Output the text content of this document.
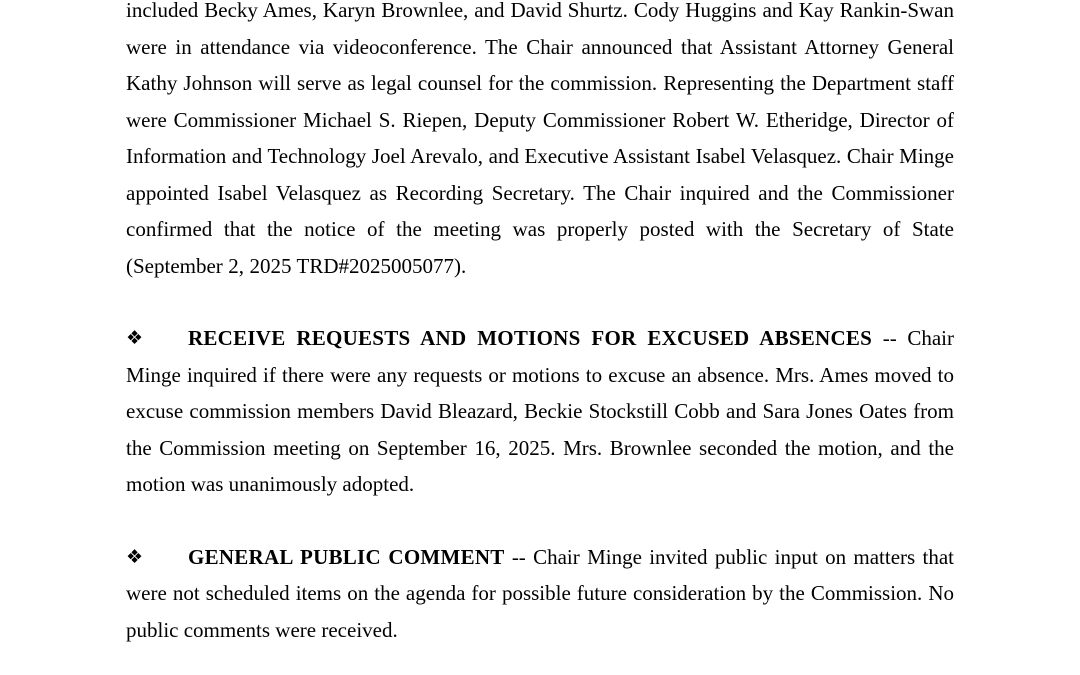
included Becky Ames, Karyn Brownlee, and David Shurtz. Cody Huggins and Kay Rankin-Swan were in attendance via videoconference. The Chair announced that Assistant Attorney General Kathy Johnson will serve as legal counsel for the commission. Representing the Department staff were Commissioner Michael S. Riepen, Deputy Commissioner Robert W. Etheridge, Director of Information and Technology Joel Arevalo, and Executive Assistant Isabel Velasquez. Chair Minge appointed Isabel Velasquez as Recording Secretary. The Chair inquired and the Commissioner confirmed that the notice of the meeting was properly posted with the Secretary of State (September 2, 2025 TRD#2025005077).

❖	RECEIVE REQUESTS AND MOTIONS FOR EXCUSED ABSENCES -- Chair Minge inquired if there were any requests or motions to excuse an absence. Mrs. Ames moved to excuse commission members David Bleazard, Beckie Stockstill Cobb and Sara Jones Oates from the Commission meeting on September 16, 2025. Mrs. Brownlee seconded the motion, and the motion was unanimously adopted.
❖	GENERAL PUBLIC COMMENT -- Chair Minge invited public input on matters that were not scheduled items on the agenda for possible future consideration by the Commission. No public comments were received.
